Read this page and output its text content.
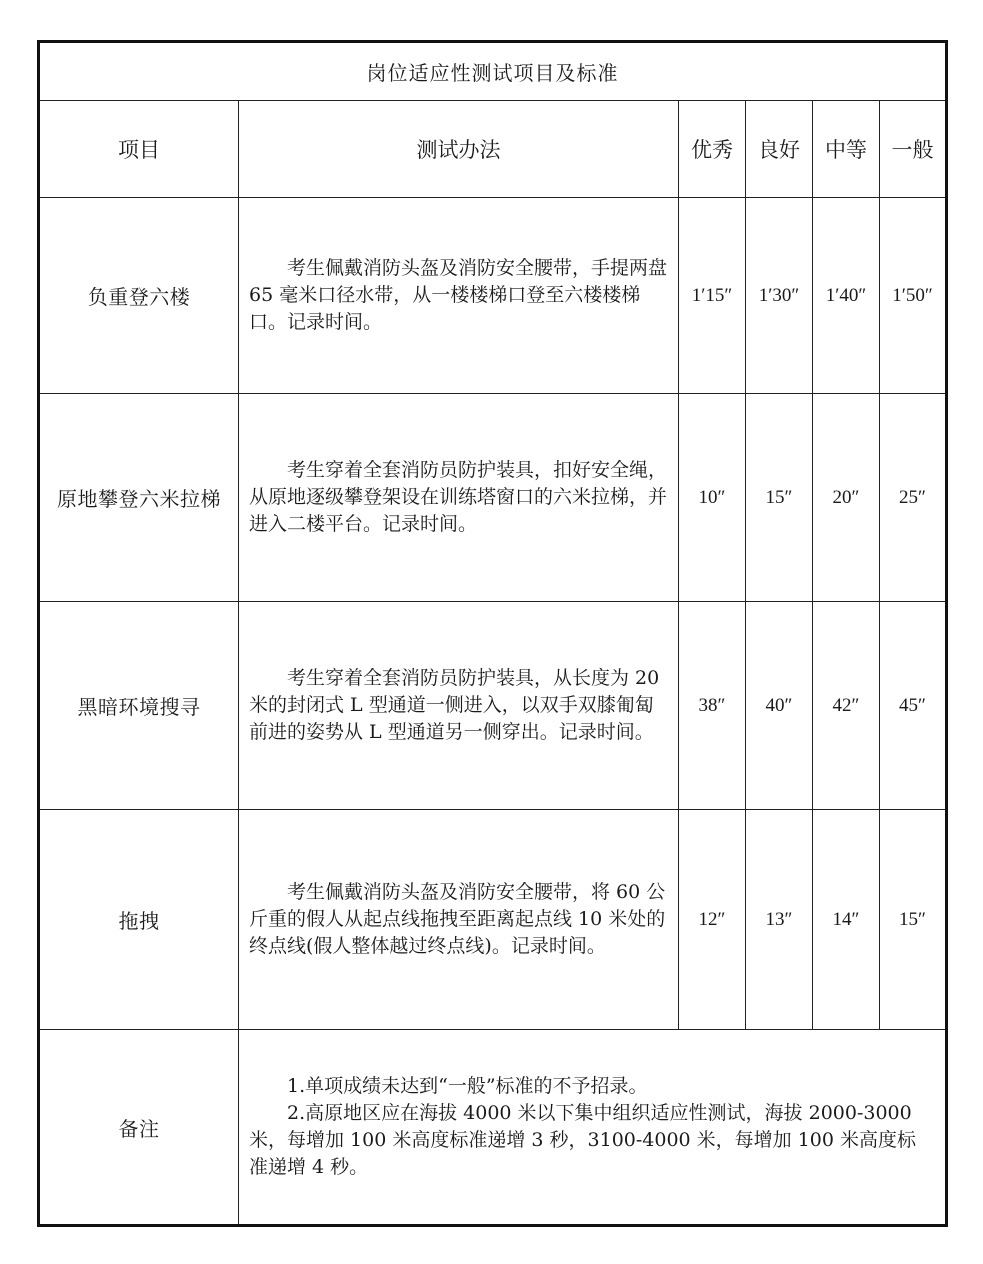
岗位适应性测试项目及标准					
项目	测试办法	优秀	良好	中等	一般
负重登六楼	考生佩戴消防头盔及消防安全腰带，手提两盘 65 毫米口径水带，从一楼楼梯口登至六楼楼梯口。记录时间。	1′15″	1′30″	1′40″	1′50″
原地攀登六米拉梯	考生穿着全套消防员防护装具，扣好安全绳，从原地逐级攀登架设在训练塔窗口的六米拉梯，并进入二楼平台。记录时间。	10″	15″	20″	25″
黑暗环境搜寻	考生穿着全套消防员防护装具，从长度为 20 米的封闭式 L 型通道一侧进入，以双手双膝匍匐前进的姿势从 L 型通道另一侧穿出。记录时间。	38″	40″	42″	45″
拖拽	考生佩戴消防头盔及消防安全腰带，将 60 公斤重的假人从起点线拖拽至距离起点线 10 米处的终点线(假人整体越过终点线)。记录时间。	12″	13″	14″	15″
备注	1.单项成绩未达到“一般”标准的不予招录。

2.高原地区应在海拔 4000 米以下集中组织适应性测试，海拔 2000-3000 米，每增加 100 米高度标准递增 3 秒，3100-4000 米，每增加 100 米高度标准递增 4 秒。				
